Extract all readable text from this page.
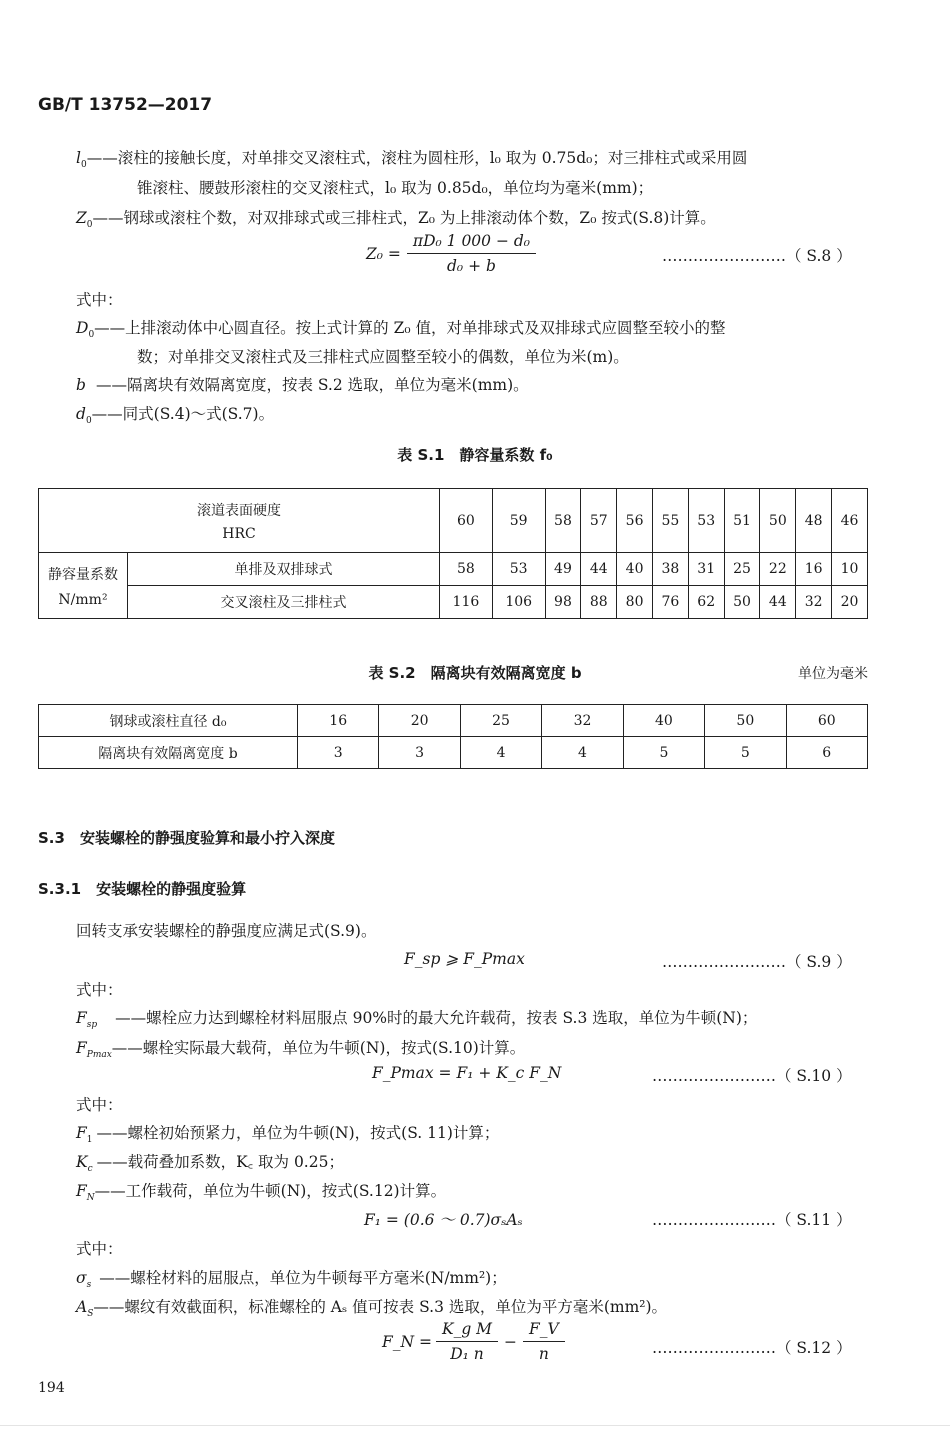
GB/T 13752—2017
$l_0——$滚柱的接触长度，对单排交叉滚柱式，滚柱为圆柱形，l₀ 取为 0.75d₀；对三排柱式或采用圆
锥滚柱、腰鼓形滚柱的交叉滚柱式，l₀ 取为 0.85d₀，单位均为毫米(mm)；
$Z_0——$钢球或滚柱个数，对双排球式或三排柱式，Z₀ 为上排滚动体个数，Z₀ 按式(S.8)计算。
$Z_0 = \frac{\text{πD₀ 1 000 − d₀}}{\text{d₀ + b}}$	……………………（ S.8 ）
式中：
$D_0——$上排滚动体中心圆直径。按上式计算的 Z₀ 值，对单排球式及双排球式应圆整至较小的整
数；对单排交叉滚柱式及三排柱式应圆整至较小的偶数，单位为米(m)。
b ——隔离块有效隔离宽度，按表 S.2 选取，单位为毫米(mm)。
$d_0——$同式(S.4)～式(S.7)。
表 S.1　静容量系数 f₀
滚道表面硬度
HRC		60	59	58	57	56	55	53	51	50	48	46

静容量系数
N/mm²	单排及双排球式	58	53	49	44	40	38	31	25	22	16	10
	交叉滚柱及三排柱式	116	106	98	88	80	76	62	50	44	32	20
表 S.2　隔离块有效隔离宽度 b	单位为毫米
钢球或滚柱直径 d₀	16	20	25	32	40	50	60
隔离块有效隔离宽度 b	3	3	4	4	5	5	6
S.3　安装螺栓的静强度验算和最小拧入深度
S.3.1　安装螺栓的静强度验算
回转支承安装螺栓的静强度应满足式(S.9)。
F_sp ⩾ F_Pmax	……………………（ S.9 ）
式中：
$F_{sp}$ ——螺栓应力达到螺栓材料屈服点 90%时的最大允许载荷，按表 S.3 选取，单位为牛顿(N)；
$F_{Pmax}——$螺栓实际最大载荷，单位为牛顿(N)，按式(S.10)计算。
F_Pmax = F₁ + K_c F_N	……………………（ S.10 ）
式中：
$F_1$ ——螺栓初始预紧力，单位为牛顿(N)，按式(S. 11)计算；
$K_c$ ——载荷叠加系数，K꜀ 取为 0.25；
$F_N——$工作载荷，单位为牛顿(N)，按式(S.12)计算。
F₁ = (0.6 ～ 0.7)σₛAₛ	……………………（ S.11 ）
式中：
$\sigma_s$ ——螺栓材料的屈服点，单位为牛顿每平方毫米(N/mm²)；
$A_S——$螺纹有效截面积，标准螺栓的 Aₛ 值可按表 S.3 选取，单位为平方毫米(mm²)。
F_N = $\frac{\text{K\_g M}}{\text{D₁ n}} - \frac{F\_V}{n}$	……………………（ S.12 ）
194
